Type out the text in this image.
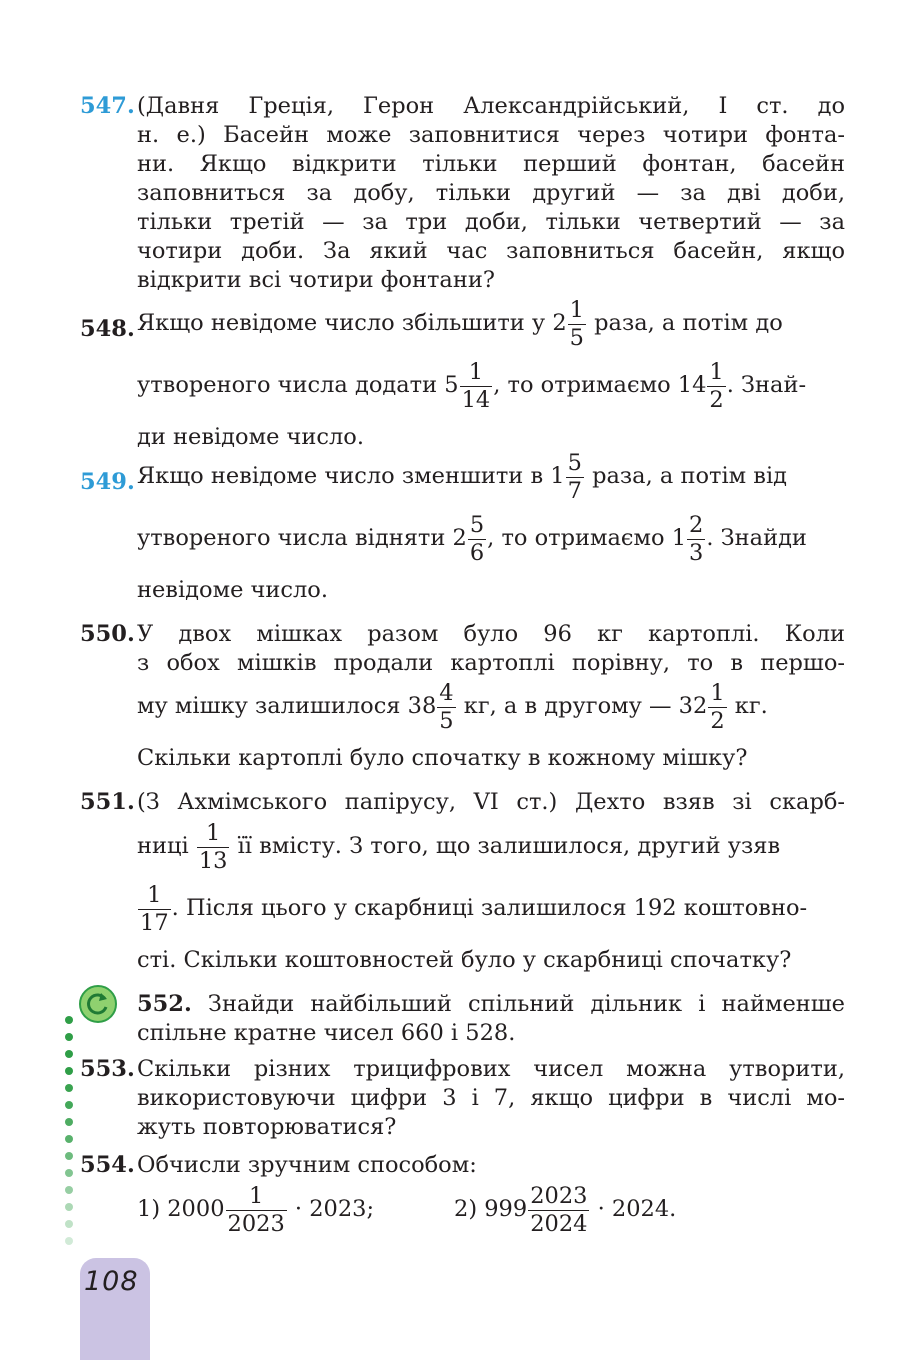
547. (Давня Греція, Герон Александрійський, І ст. до
н. е.) Басейн може заповнитися через чотири фонта-
ни. Якщо відкрити тільки перший фонтан, басейн
заповниться за добу, тільки другий — за дві доби,
тільки третій — за три доби, тільки четвертий — за
чотири доби. За який час заповниться басейн, якщо
відкрити всі чотири фонтани?
548. Якщо невідоме число збільшити у $2 \frac{1}{5}$ раза, а потім до
утвореного числа додати $5 \frac{1}{14}$ , то отримаємо $14 \frac{1}{2}$ . Знай-
ди невідоме число.
549. Якщо невідоме число зменшити в $1 \frac{5}{7}$ раза, а потім від
утвореного числа відняти $2 \frac{5}{6}$ , то отримаємо $1 \frac{2}{3}$ . Знайди
невідоме число.
550. У двох мішках разом було 96 кг картоплі. Коли
з обох мішків продали картоплі порівну, то в першо-
му мішку залишилося $38 \frac{4}{5}$ кг, а в другому — $32 \frac{1}{2}$ кг.
Скільки картоплі було спочатку в кожному мішку?
551. (З Ахмімського папірусу, VI ст.) Дехто взяв зі скарб-
ниці $\frac{1}{13}$ її вмісту. З того, що залишилося, другий узяв
$\frac{1}{17}$ . Після цього у скарбниці залишилося 192 коштовно-
сті. Скільки коштовностей було у скарбниці спочатку?
552. Знайди найбільший спільний дільник і найменше
спільне кратне чисел 660 і 528.
553. Скільки різних трицифрових чисел можна утворити,
використовуючи цифри 3 і 7, якщо цифри в числі мо-
жуть повторюватися?
554. Обчисли зручним способом:
1) $2000 \frac{1}{2023} \cdot 2023$;	2) $999 \frac{2023}{2024} \cdot 2024$.
108
